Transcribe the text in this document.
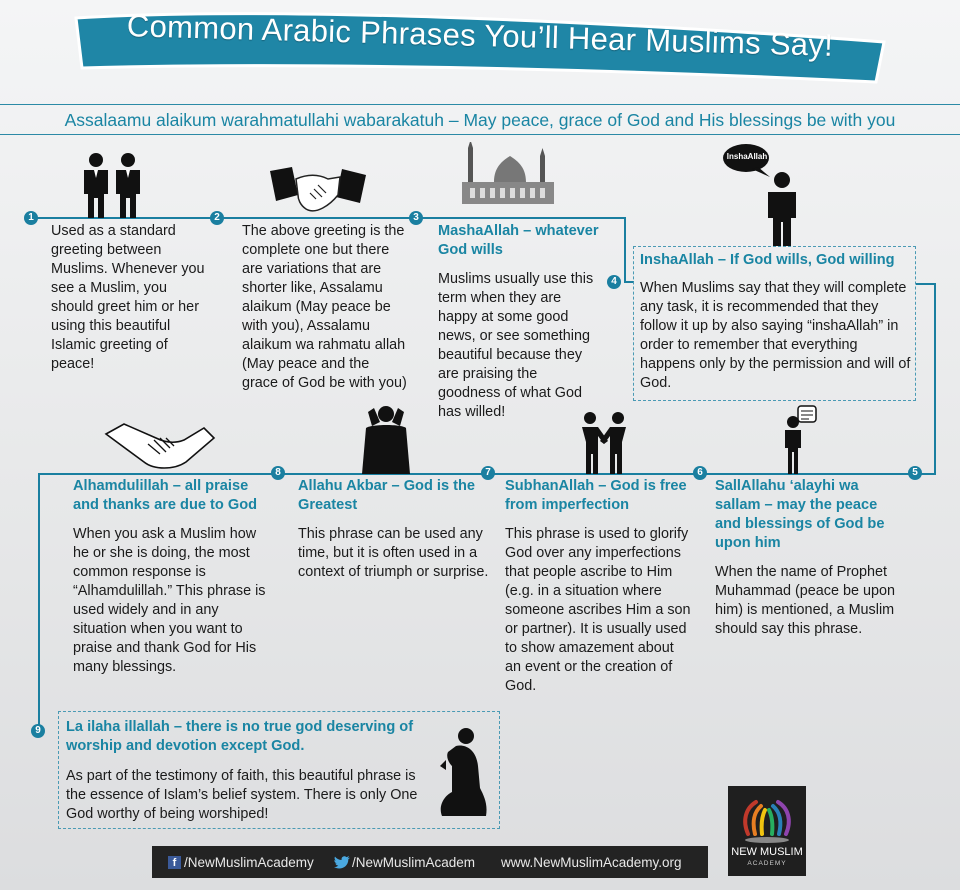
Common Arabic Phrases You’ll Hear Muslims Say!
Assalaamu alaikum warahmatullahi wabarakatuh – May peace, grace of God and His blessings be with you
1	2	3
4
5
6
7
8
9
InshaAllah
Used as a standard greeting between Muslims. Whenever you see a Muslim, you should greet him or her using this beautiful Islamic greeting of peace!
The above greeting is the complete one but there are variations that are shorter like, Assalamu alaikum (May peace be with you), Assalamu alaikum wa rahmatu allah (May peace and the grace of God be with you)
MashaAllah – whatever God wills
Muslims usually use this term when they are happy at some good news, or see something beautiful because they are praising the goodness of what God has willed!
InshaAllah – If God wills, God willing
When Muslims say that they will complete any task, it is recommended that they follow it up by also saying “inshaAllah” in order to remember that everything happens only by the permission and will of God.
SallAllahu ‘alayhi wa sallam – may the peace and blessings of God be upon him
When the name of Prophet Muhammad (peace be upon him) is mentioned, a Muslim should say this phrase.
SubhanAllah – God is free from imperfection
This phrase is used to glorify God over any imperfections that people ascribe to Him (e.g. in a situation where someone ascribes Him a son or partner). It is usually used to show amazement about an event or the creation of God.
Allahu Akbar – God is the Greatest
This phrase can be used any time, but it is often used in a context of triumph or surprise.
Alhamdulillah – all praise and thanks are due to God
When you ask a Muslim how he or she is doing, the most common response is “Alhamdulillah.” This phrase is used widely and in any situation when you want to praise and thank God for His many blessings.
La ilaha illallah – there is no true god deserving of worship and devotion except God.
As part of the testimony of faith, this beautiful phrase is the essence of Islam’s belief system. There is only One God worthy of being worshiped!
f /NewMuslimAcademy	/NewMuslimAcadem www.NewMuslimAcademy.org
NEW MUSLIM
ACADEMY
